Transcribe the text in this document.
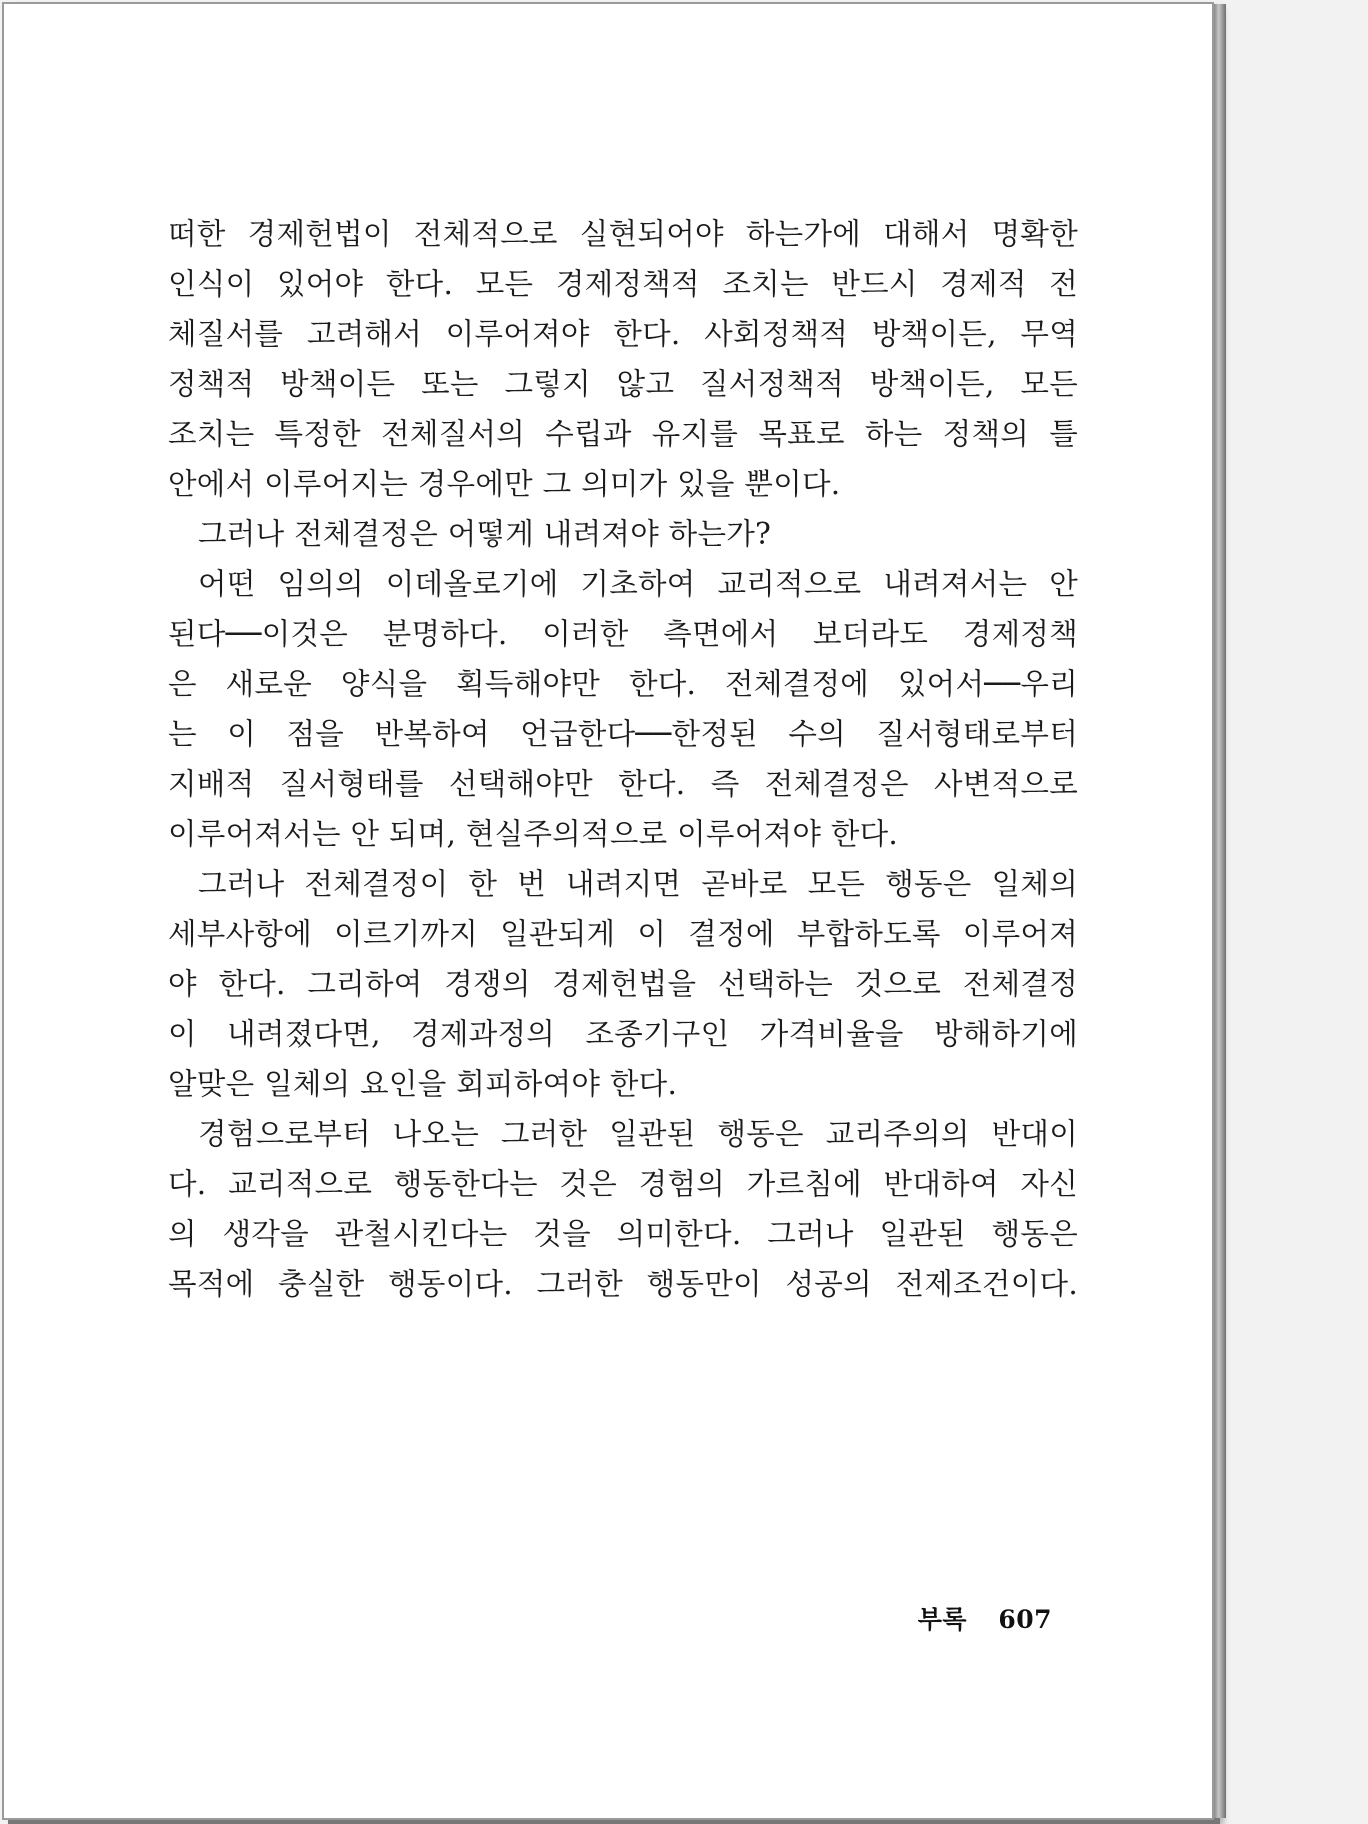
떠한 경제헌법이 전체적으로 실현되어야 하는가에 대해서 명확한
인식이 있어야 한다. 모든 경제정책적 조치는 반드시 경제적 전
체질서를 고려해서 이루어져야 한다. 사회정책적 방책이든, 무역
정책적 방책이든 또는 그렇지 않고 질서정책적 방책이든, 모든
조치는 특정한 전체질서의 수립과 유지를 목표로 하는 정책의 틀
안에서 이루어지는 경우에만 그 의미가 있을 뿐이다.
그러나 전체결정은 어떻게 내려져야 하는가?
어떤 임의의 이데올로기에 기초하여 교리적으로 내려져서는 안
된다──이것은 분명하다. 이러한 측면에서 보더라도 경제정책
은 새로운 양식을 획득해야만 한다. 전체결정에 있어서──우리
는 이 점을 반복하여 언급한다──한정된 수의 질서형태로부터
지배적 질서형태를 선택해야만 한다. 즉 전체결정은 사변적으로
이루어져서는 안 되며, 현실주의적으로 이루어져야 한다.
그러나 전체결정이 한 번 내려지면 곧바로 모든 행동은 일체의
세부사항에 이르기까지 일관되게 이 결정에 부합하도록 이루어져
야 한다. 그리하여 경쟁의 경제헌법을 선택하는 것으로 전체결정
이 내려졌다면, 경제과정의 조종기구인 가격비율을 방해하기에
알맞은 일체의 요인을 회피하여야 한다.
경험으로부터 나오는 그러한 일관된 행동은 교리주의의 반대이
다. 교리적으로 행동한다는 것은 경험의 가르침에 반대하여 자신
의 생각을 관철시킨다는 것을 의미한다. 그러나 일관된 행동은
목적에 충실한 행동이다. 그러한 행동만이 성공의 전제조건이다.
부록 607
